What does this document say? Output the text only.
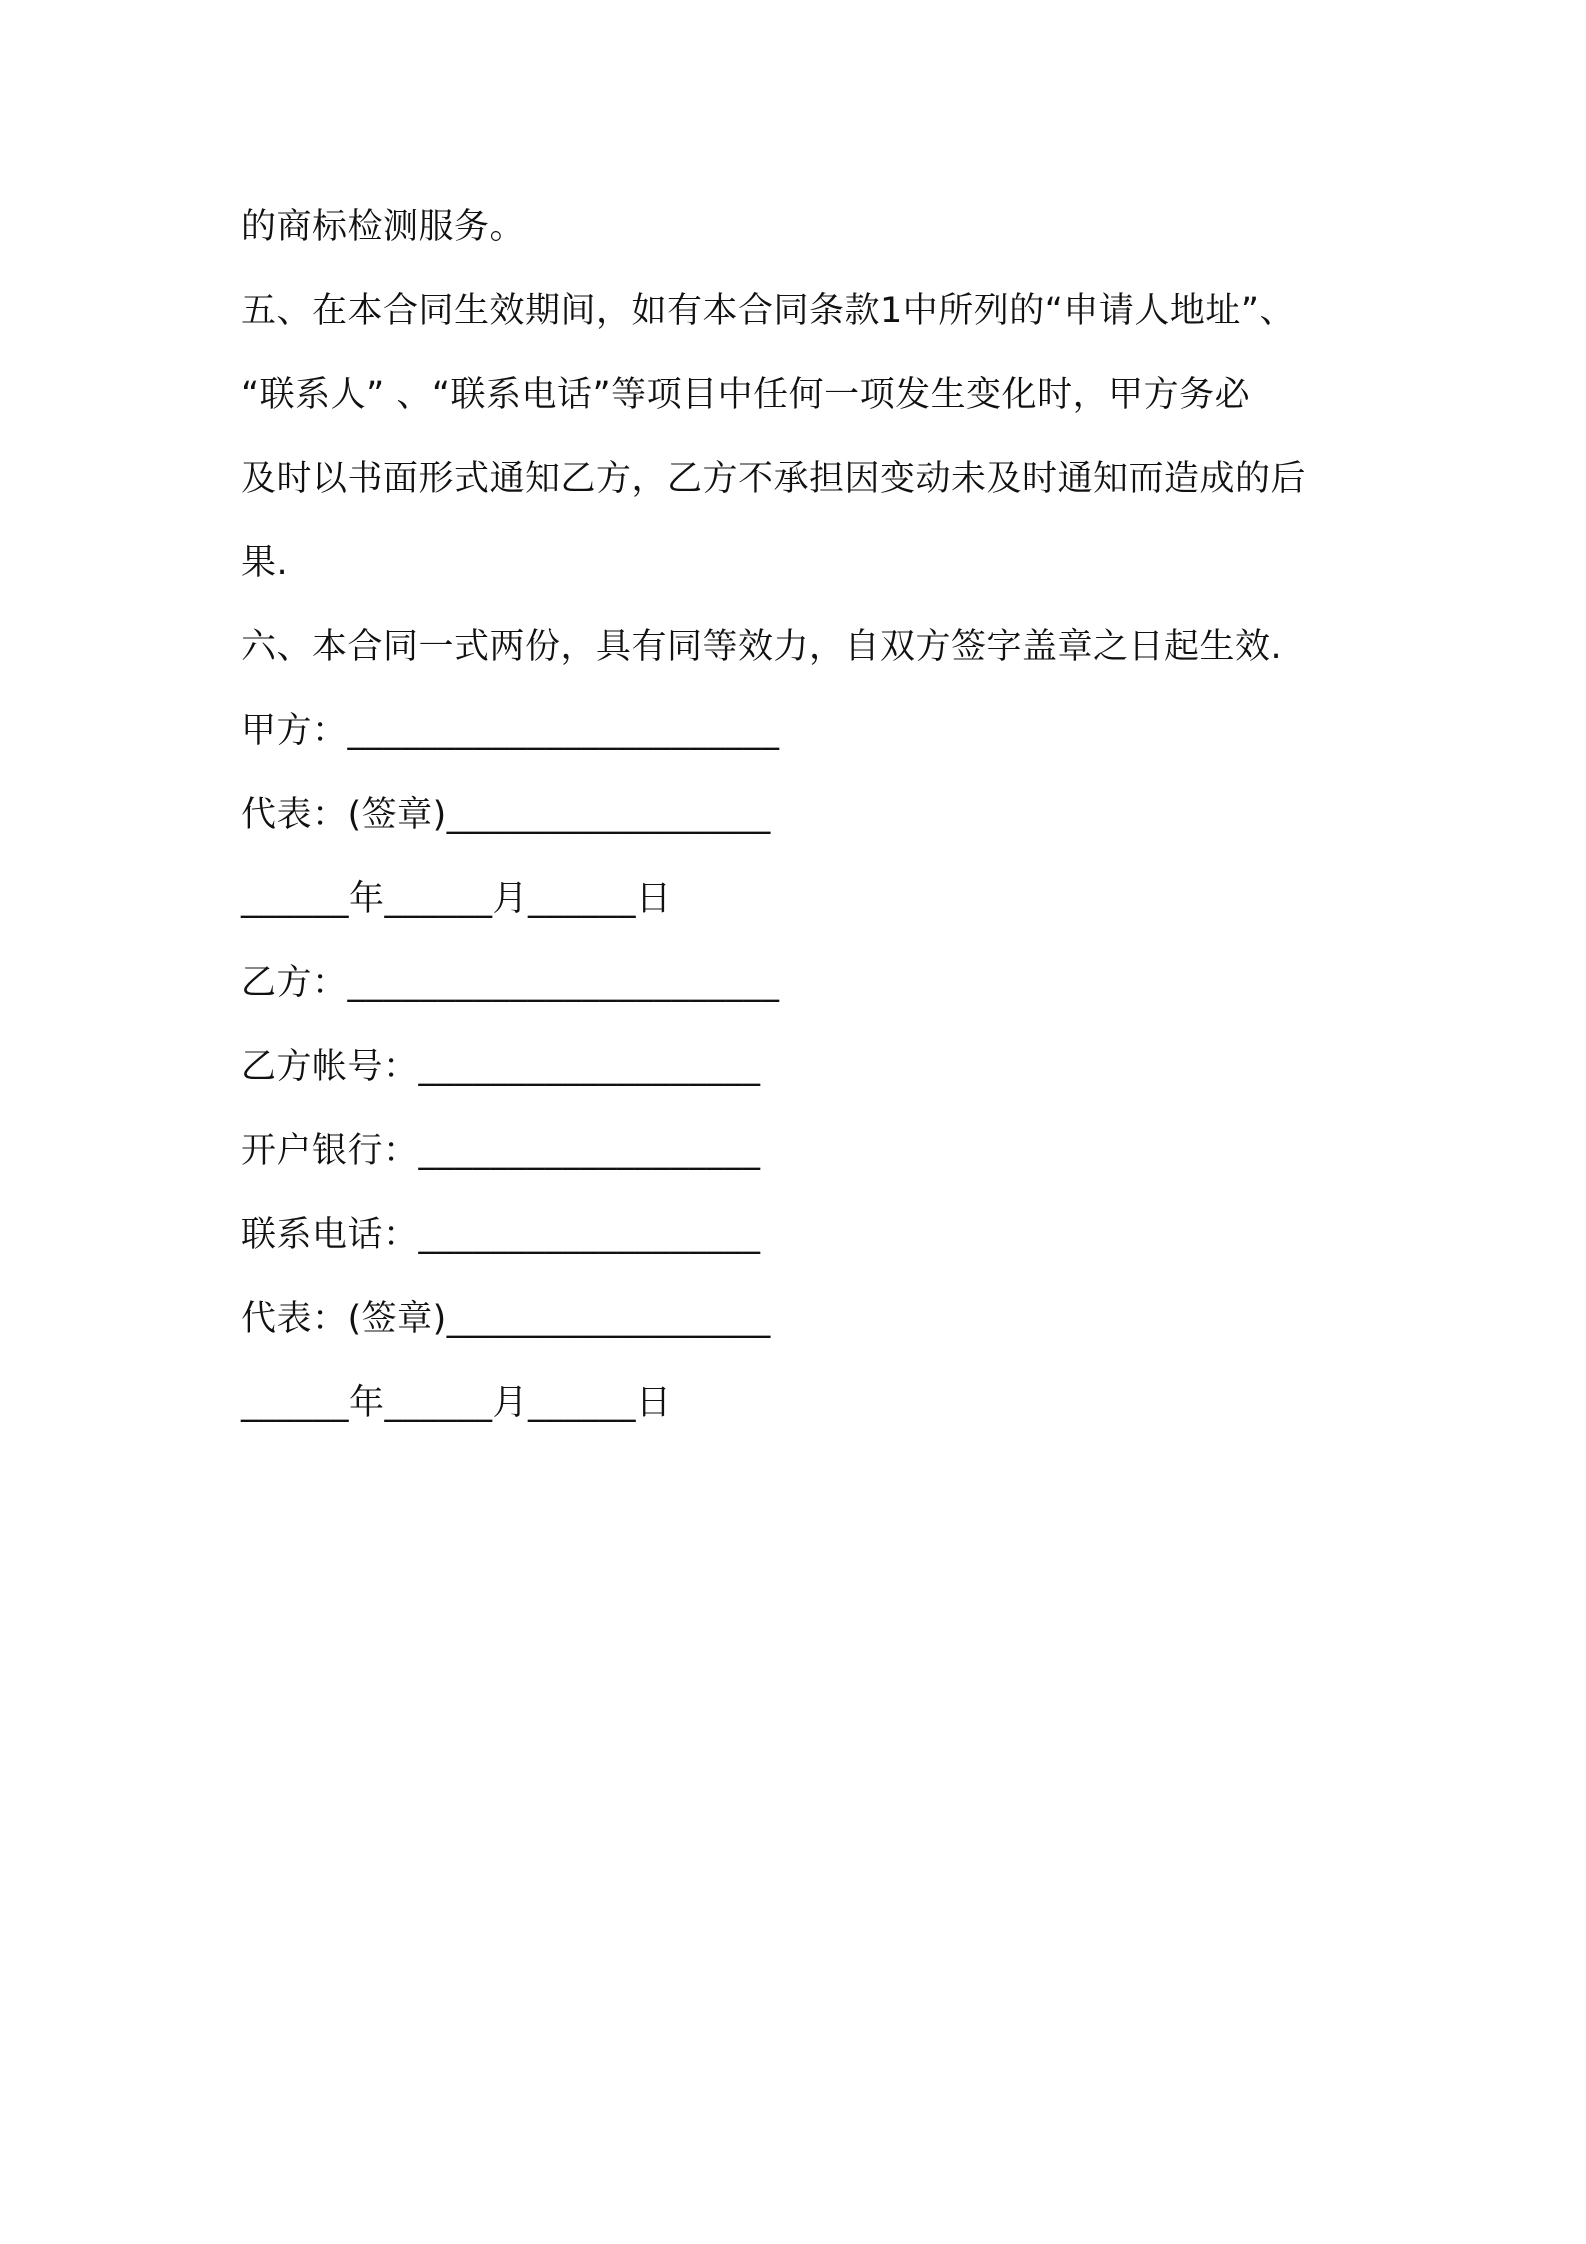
的商标检测服务。
五、在本合同生效期间，如有本合同条款1中所列的“申请人地址”、
“联系人” 、“联系电话”等项目中任何一项发生变化时，甲方务必
及时以书面形式通知乙方，乙方不承担因变动未及时通知而造成的后
果.
六、本合同一式两份，具有同等效力，自双方签字盖章之日起生效.
甲方：________________________
代表：(签章)__________________
______年______月______日
乙方：________________________
乙方帐号：___________________
开户银行：___________________
联系电话：___________________
代表：(签章)__________________
______年______月______日
